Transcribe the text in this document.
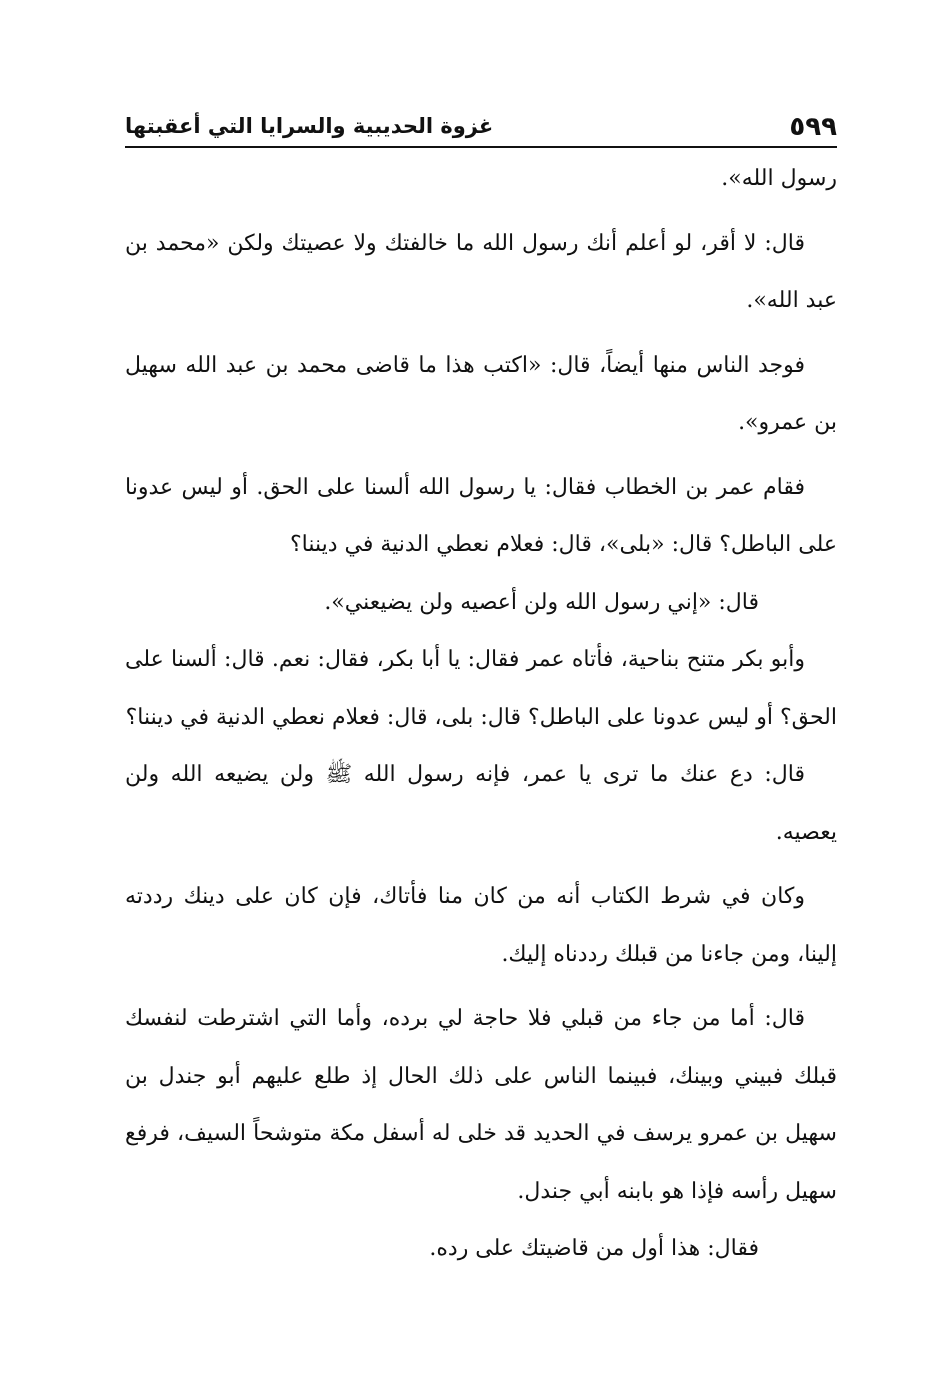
٥٩٩
غزوة الحديبية والسرايا التي أعقبتها

رسول الله».

قال: لا أقر، لو أعلم أنك رسول الله ما خالفتك ولا عصيتك ولكن «محمد بن عبد الله».

فوجد الناس منها أيضاً، قال: «اكتب هذا ما قاضى محمد بن عبد الله سهيل بن عمرو».

فقام عمر بن الخطاب فقال: يا رسول الله ألسنا على الحق. أو ليس عدونا على الباطل؟ قال: «بلى»، قال: فعلام نعطي الدنية في ديننا؟

قال: «إني رسول الله ولن أعصيه ولن يضيعني».

وأبو بكر متنح بناحية، فأتاه عمر فقال: يا أبا بكر، فقال: نعم. قال: ألسنا على الحق؟ أو ليس عدونا على الباطل؟ قال: بلى، قال: فعلام نعطي الدنية في ديننا؟

قال: دع عنك ما ترى يا عمر، فإنه رسول الله ﷺ ولن يضيعه الله ولن يعصيه.

وكان في شرط الكتاب أنه من كان منا فأتاك، فإن كان على دينك رددته إلينا، ومن جاءنا من قبلك رددناه إليك.

قال: أما من جاء من قبلي فلا حاجة لي برده، وأما التي اشترطت لنفسك قبلك فبيني وبينك، فبينما الناس على ذلك الحال إذ طلع عليهم أبو جندل بن سهيل بن عمرو يرسف في الحديد قد خلى له أسفل مكة متوشحاً السيف، فرفع سهيل رأسه فإذا هو بابنه أبي جندل.

فقال: هذا أول من قاضيتك على رده.
